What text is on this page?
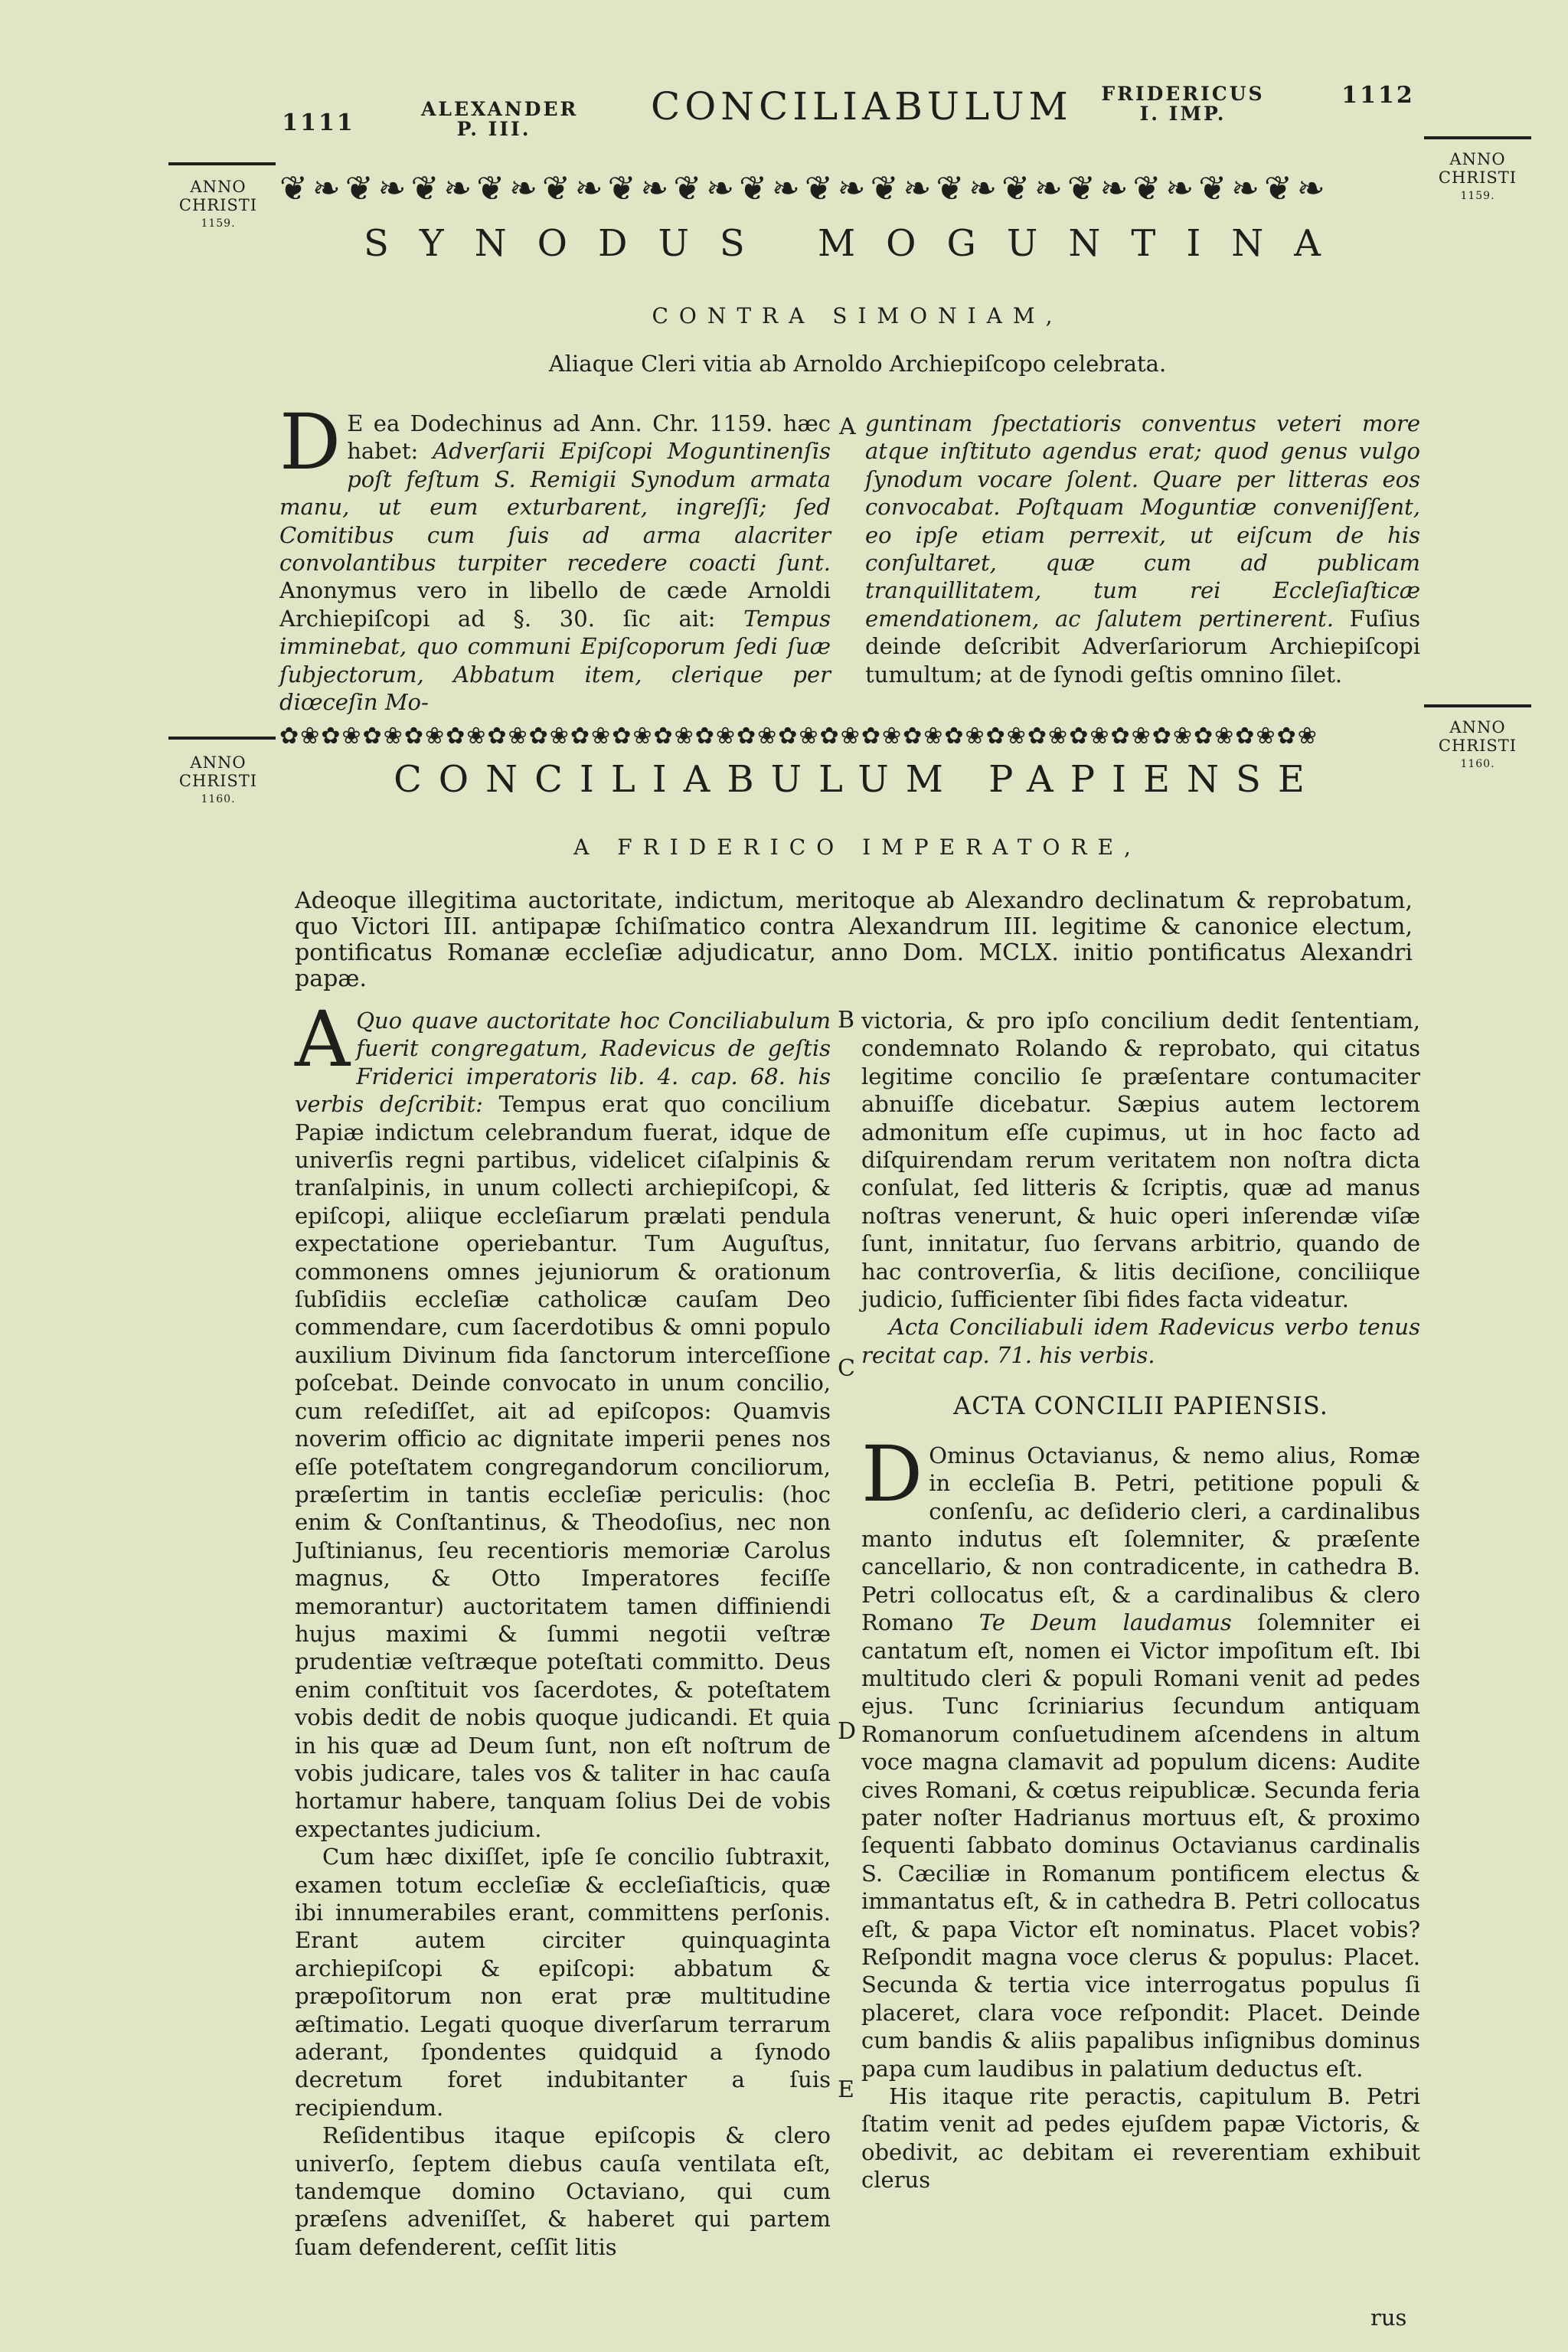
1111
ALEXANDER P. III.
CONCILIABULUM	FRIDERICUS I. IMP.
1112
ANNO CHRISTI
1159.
❦❧❦❧❦❧❦❧❦❧❦❧❦❧❦❧❦❧❦❧❦❧❦❧❦❧❦❧❦❧❦❧
ANNO CHRISTI
1159.
SYNODUS MOGUNTINA
CONTRA SIMONIAM,
Aliaque Cleri vitia ab Arnoldo Archiepiſcopo celebrata.
D E ea Dodechinus ad Ann. Chr. 1159. hæc habet: Adverſarii Epiſcopi Moguntinenſis poſt feſtum S. Remigii Synodum armata manu, ut eum exturbarent, ingreſſi; ſed Comitibus cum ſuis ad arma alacriter convolantibus turpiter recedere coacti ſunt. Anonymus vero in libello de cæde Arnoldi Archiepiſcopi ad §. 30. ſic ait: Tempus imminebat, quo communi Epiſcoporum ſedi ſuæ ſubjectorum, Abbatum item, clerique per diœceſin Mo-
A guntinam ſpectatioris conventus veteri more atque inſtituto agendus erat; quod genus vulgo ſynodum vocare ſolent. Quare per litteras eos convocabat. Poſtquam Moguntiæ conveniſſent, eo ipſe etiam perrexit, ut eiſcum de his conſultaret, quæ cum ad publicam tranquillitatem, tum rei Eccleſiaſticæ emendationem, ac ſalutem pertinerent. Fuſius deinde deſcribit Adverſariorum Archiepiſcopi tumultum; at de ſynodi geſtis omnino ſilet.
ANNO CHRISTI
1160.
✿❀✿❀✿❀✿❀✿❀✿❀✿❀✿❀✿❀✿❀✿❀✿❀✿❀✿❀✿❀✿❀✿❀✿❀✿❀✿❀✿❀✿❀✿❀✿❀✿❀	ANNO CHRISTI
1160.
CONCILIABULUM PAPIENSE
A FRIDERICO IMPERATORE,
Adeoque illegitima auctoritate, indictum, meritoque ab Alexandro declinatum & reprobatum, quo Victori III. antipapæ ſchiſmatico contra Alexandrum III. legitime & canonice electum, pontificatus Romanæ eccleſiæ adjudicatur, anno Dom. MCLX. initio pontificatus Alexandri papæ.
A Quo quave auctoritate hoc Conciliabulum fuerit congregatum, Radevicus de geſtis Friderici imperatoris lib. 4. cap. 68. his verbis deſcribit: Tempus erat quo concilium Papiæ indictum celebrandum fuerat, idque de univerſis regni partibus, videlicet ciſalpinis & tranſalpinis, in unum collecti archiepiſcopi, & epiſcopi, aliique eccleſiarum prælati pendula expectatione operiebantur. Tum Auguſtus, commonens omnes jejuniorum & orationum ſubſidiis eccleſiæ catholicæ cauſam Deo commendare, cum ſacerdotibus & omni populo auxilium Divinum fida ſanctorum interceſſione poſcebat. Deinde convocato in unum concilio, cum reſediſſet, ait ad epiſcopos: Quamvis noverim officio ac dignitate imperii penes nos eſſe poteſtatem congregandorum conciliorum, præſertim in tantis eccleſiæ periculis: (hoc enim & Conſtantinus, & Theodoſius, nec non Juſtinianus, ſeu recentioris memoriæ Carolus magnus, & Otto Imperatores feciſſe memorantur) auctoritatem tamen diffiniendi hujus maximi & ſummi negotii veſtræ prudentiæ veſtræque poteſtati committo. Deus enim conſtituit vos ſacerdotes, & poteſtatem vobis dedit de nobis quoque judicandi. Et quia in his quæ ad Deum ſunt, non eſt noſtrum de vobis judicare, tales vos & taliter in hac cauſa hortamur habere, tanquam ſolius Dei de vobis expectantes judicium.
Cum hæc dixiſſet, ipſe ſe concilio ſubtraxit, examen totum eccleſiæ & eccleſiaſticis, quæ ibi innumerabiles erant, committens perſonis. Erant autem circiter quinquaginta archiepiſcopi & epiſcopi: abbatum & præpoſitorum non erat præ multitudine æſtimatio. Legati quoque diverſarum terrarum aderant, ſpondentes quidquid a ſynodo decretum foret indubitanter a ſuis recipiendum.
Reſidentibus itaque epiſcopis & clero univerſo, ſeptem diebus cauſa ventilata eſt, tandemque domino Octaviano, qui cum præſens adveniſſet, & haberet qui partem ſuam defenderent, ceſſit litis
B
C
D
E
victoria, & pro ipſo concilium dedit ſententiam, condemnato Rolando & reprobato, qui citatus legitime concilio ſe præſentare contumaciter abnuiſſe dicebatur. Sæpius autem lectorem admonitum eſſe cupimus, ut in hoc facto ad diſquirendam rerum veritatem non noſtra dicta conſulat, ſed litteris & ſcriptis, quæ ad manus noſtras venerunt, & huic operi inſerendæ viſæ ſunt, innitatur, ſuo ſervans arbitrio, quando de hac controverſia, & litis deciſione, conciliique judicio, ſufficienter ſibi fides facta videatur.
Acta Conciliabuli idem Radevicus verbo tenus recitat cap. 71. his verbis.
ACTA CONCILII PAPIENSIS.
D Ominus Octavianus, & nemo alius, Romæ in eccleſia B. Petri, petitione populi & conſenſu, ac deſiderio cleri, a cardinalibus manto indutus eſt ſolemniter, & præſente cancellario, & non contradicente, in cathedra B. Petri collocatus eſt, & a cardinalibus & clero Romano Te Deum laudamus ſolemniter ei cantatum eſt, nomen ei Victor impoſitum eſt. Ibi multitudo cleri & populi Romani venit ad pedes ejus. Tunc ſcriniarius ſecundum antiquam Romanorum conſuetudinem aſcendens in altum voce magna clamavit ad populum dicens: Audite cives Romani, & cœtus reipublicæ. Secunda feria pater noſter Hadrianus mortuus eſt, & proximo ſequenti ſabbato dominus Octavianus cardinalis S. Cæciliæ in Romanum pontificem electus & immantatus eſt, & in cathedra B. Petri collocatus eſt, & papa Victor eſt nominatus. Placet vobis? Reſpondit magna voce clerus & populus: Placet. Secunda & tertia vice interrogatus populus ſi placeret, clara voce reſpondit: Placet. Deinde cum bandis & aliis papalibus inſignibus dominus papa cum laudibus in palatium deductus eſt.
His itaque rite peractis, capitulum B. Petri ſtatim venit ad pedes ejuſdem papæ Victoris, & obedivit, ac debitam ei reverentiam exhibuit clerus
rus
